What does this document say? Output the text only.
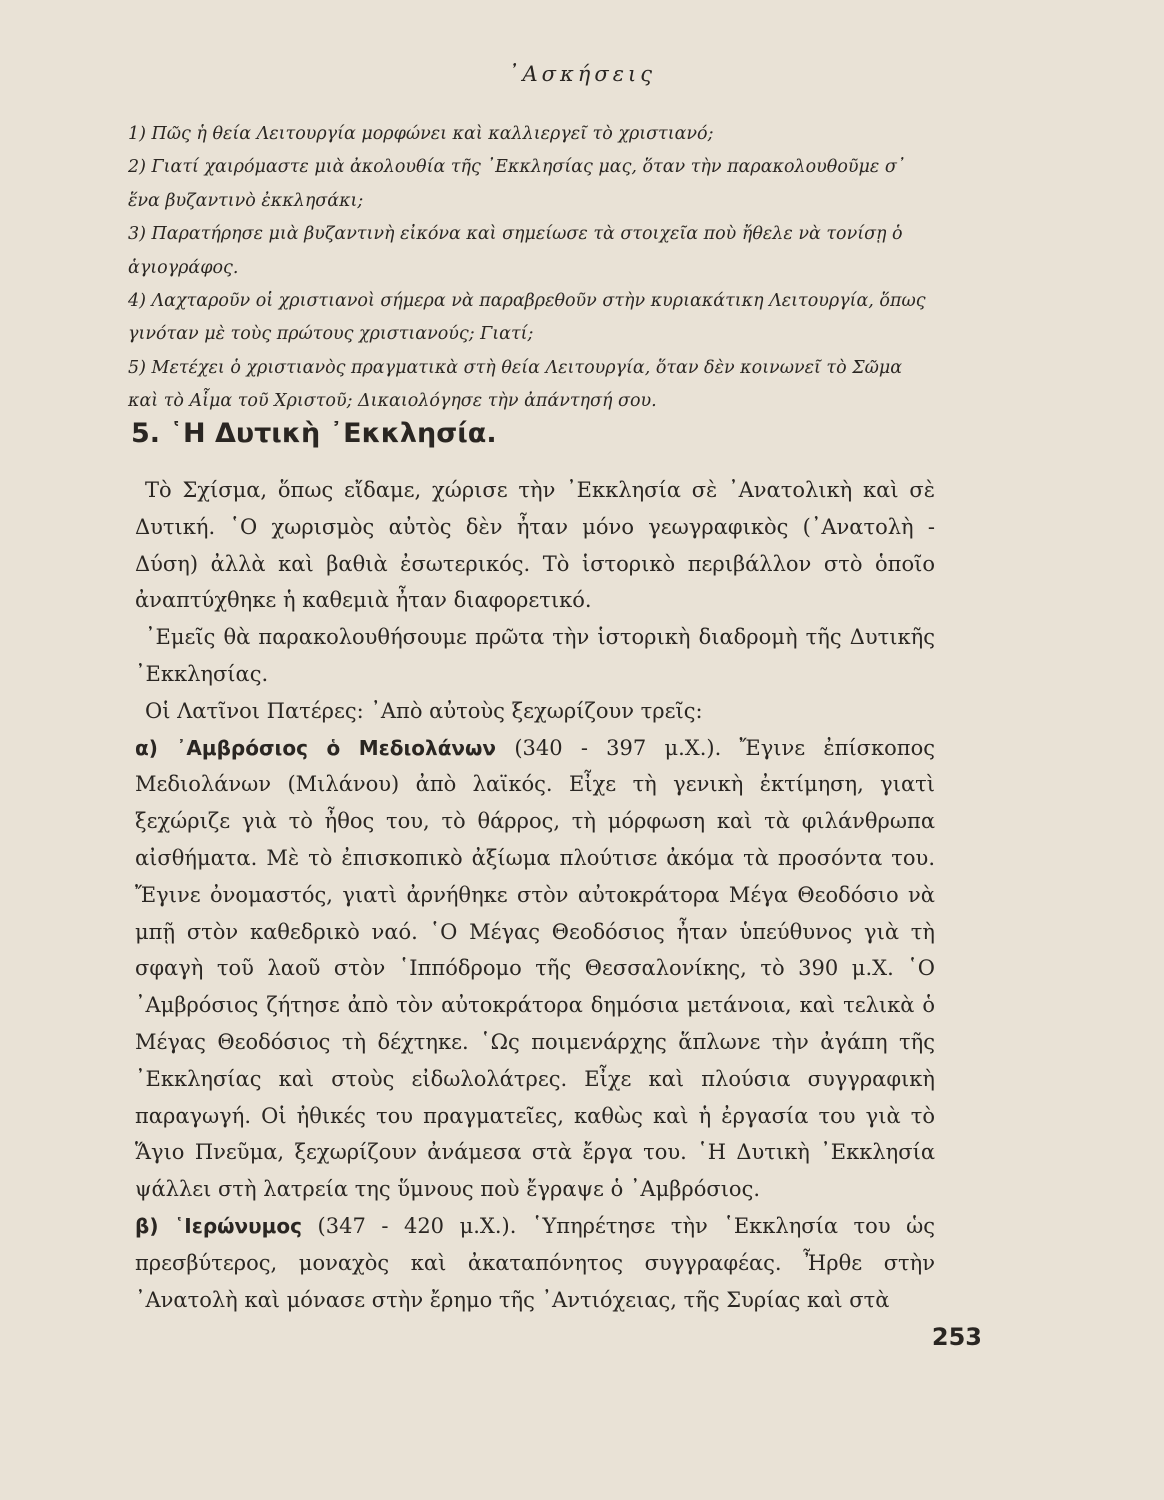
᾿Ασκήσεις

1) Πῶς ἡ θεία Λειτουργία μορφώνει καὶ καλλιεργεῖ τὸ χριστιανό;

2) Γιατί χαιρόμαστε μιὰ ἀκολουθία τῆς ᾿Εκκλησίας μας, ὅταν τὴν παρακολουθοῦμε σ᾿ ἕνα βυζαντινὸ ἐκκλησάκι;

3) Παρατήρησε μιὰ βυζαντινὴ εἰκόνα καὶ σημείωσε τὰ στοιχεῖα ποὺ ἤθελε νὰ τονίσῃ ὁ ἁγιογράφος.

4) Λαχταροῦν οἱ χριστιανοὶ σήμερα νὰ παραβρεθοῦν στὴν κυριακάτικη Λειτουργία, ὅπως γινόταν μὲ τοὺς πρώτους χριστιανούς; Γιατί;

5) Μετέχει ὁ χριστιανὸς πραγματικὰ στὴ θεία Λειτουργία, ὅταν δὲν κοινωνεῖ τὸ Σῶμα καὶ τὸ Αἷμα τοῦ Χριστοῦ; Δικαιολόγησε τὴν ἀπάντησή σου.

5. ῾Η Δυτικὴ ᾿Εκκλησία.

Τὸ Σχίσμα, ὅπως εἴδαμε, χώρισε τὴν ᾿Εκκλησία σὲ ᾿Ανατολικὴ καὶ σὲ Δυτική. ῾Ο χωρισμὸς αὐτὸς δὲν ἦταν μόνο γεωγραφικὸς (᾿Ανατολὴ - Δύση) ἀλλὰ καὶ βαθιὰ ἐσωτερικός. Τὸ ἱστορικὸ περιβάλλον στὸ ὁποῖο ἀναπτύχθηκε ἡ καθεμιὰ ἦταν διαφορετικό.

᾿Εμεῖς θὰ παρακολουθήσουμε πρῶτα τὴν ἱστορικὴ διαδρομὴ τῆς Δυτικῆς ᾿Εκκλησίας.

Οἱ Λατῖνοι Πατέρες: ᾿Απὸ αὐτοὺς ξεχωρίζουν τρεῖς:

α) ᾿Αμβρόσιος ὁ Μεδιολάνων (340 - 397 μ.Χ.). Ἔγινε ἐπίσκοπος Μεδιολάνων (Μιλάνου) ἀπὸ λαϊκός. Εἶχε τὴ γενικὴ ἐκτίμηση, γιατὶ ξεχώριζε γιὰ τὸ ἦθος του, τὸ θάρρος, τὴ μόρφωση καὶ τὰ φιλάνθρωπα αἰσθήματα. Μὲ τὸ ἐπισκοπικὸ ἀξίωμα πλούτισε ἀκόμα τὰ προσόντα του. Ἔγινε ὀνομαστός, γιατὶ ἀρνήθηκε στὸν αὐτοκράτορα Μέγα Θεοδόσιο νὰ μπῇ στὸν καθεδρικὸ ναό. ῾Ο Μέγας Θεοδόσιος ἦταν ὑπεύθυνος γιὰ τὴ σφαγὴ τοῦ λαοῦ στὸν ῾Ιππόδρομο τῆς Θεσσαλονίκης, τὸ 390 μ.Χ. ῾Ο ᾿Αμβρόσιος ζήτησε ἀπὸ τὸν αὐτοκράτορα δημόσια μετάνοια, καὶ τελικὰ ὁ Μέγας Θεοδόσιος τὴ δέχτηκε. ῾Ως ποιμενάρχης ἅπλωνε τὴν ἀγάπη τῆς ᾿Εκκλησίας καὶ στοὺς εἰδωλολάτρες. Εἶχε καὶ πλούσια συγγραφικὴ παραγωγή. Οἱ ἠθικές του πραγματεῖες, καθὼς καὶ ἡ ἐργασία του γιὰ τὸ Ἅγιο Πνεῦμα, ξεχωρίζουν ἀνάμεσα στὰ ἔργα του. ῾Η Δυτικὴ ᾿Εκκλησία ψάλλει στὴ λατρεία της ὕμνους ποὺ ἔγραψε ὁ ᾿Αμβρόσιος.

β) ῾Ιερώνυμος (347 - 420 μ.Χ.). ῾Υπηρέτησε τὴν ῾Εκκλησία του ὡς πρεσβύτερος, μοναχὸς καὶ ἀκαταπόνητος συγγραφέας. Ἦρθε στὴν ᾿Ανατολὴ καὶ μόνασε στὴν ἔρημο τῆς ᾿Αντιόχειας, τῆς Συρίας καὶ στὰ

253
